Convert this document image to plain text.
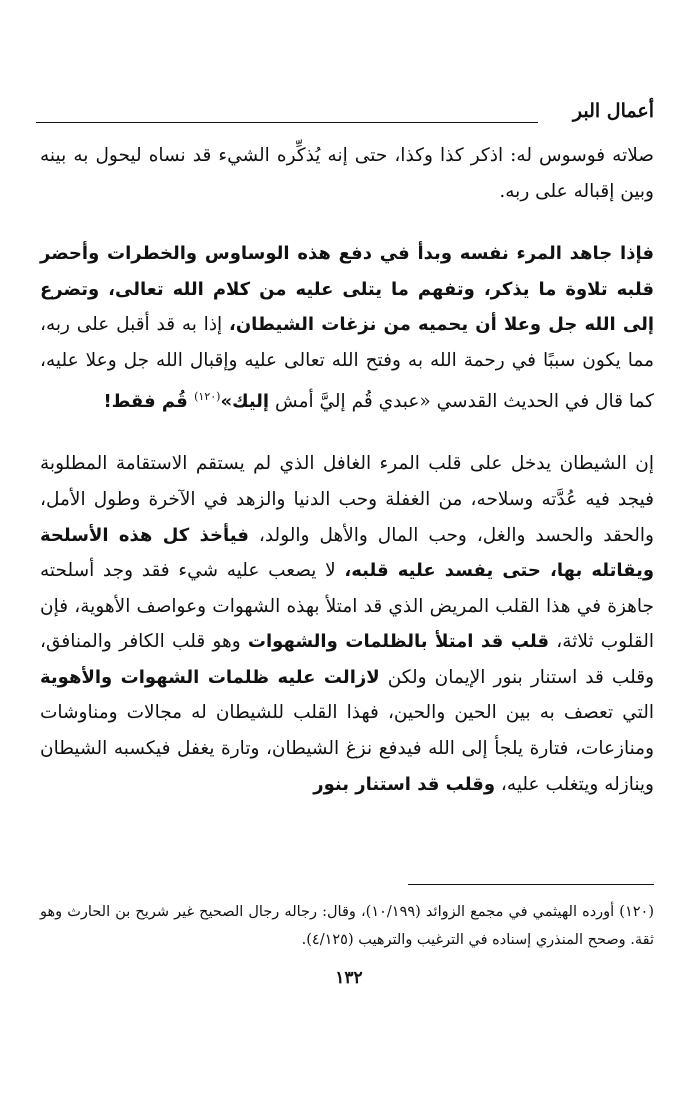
أعمال البر

صلاته فوسوس له: اذكر كذا وكذا، حتى إنه يُذكِّره الشيء قد نساه ليحول به بينه وبين إقباله على ربه.

فإذا جاهد المرء نفسه وبدأ في دفع هذه الوساوس والخطرات وأحضر قلبه تلاوة ما يذكر، وتفهم ما يتلى عليه من كلام الله تعالى، وتضرع إلى الله جل وعلا أن يحميه من نزغات الشيطان، إذا به قد أقبل على ربه، مما يكون سببًا في رحمة الله به وفتح الله تعالى عليه وإقبال الله جل وعلا عليه، كما قال في الحديث القدسي «عبدي قُم إليَّ أمش إليك»$^{(١٢٠)}$ قُم فقط!

إن الشيطان يدخل على قلب المرء الغافل الذي لم يستقم الاستقامة المطلوبة فيجد فيه عُدَّته وسلاحه، من الغفلة وحب الدنيا والزهد في الآخرة وطول الأمل، والحقد والحسد والغل، وحب المال والأهل والولد، فيأخذ كل هذه الأسلحة ويقاتله بها، حتى يفسد عليه قلبه، لا يصعب عليه شيء فقد وجد أسلحته جاهزة في هذا القلب المريض الذي قد امتلأ بهذه الشهوات وعواصف الأهوية، فإن القلوب ثلاثة، قلب قد امتلأ بالظلمات والشهوات وهو قلب الكافر والمنافق، وقلب قد استنار بنور الإيمان ولكن لازالت عليه ظلمات الشهوات والأهوية التي تعصف به بين الحين والحين، فهذا القلب للشيطان له مجالات ومناوشات ومنازعات، فتارة يلجأ إلى الله فيدفع نزغ الشيطان، وتارة يغفل فيكسبه الشيطان وينازله ويتغلب عليه، وقلب قد استنار بنور

(١٢٠) أورده الهيثمي في مجمع الزوائد (١٠/١٩٩)، وقال: رجاله رجال الصحيح غير شريح بن الحارث وهو ثقة. وصحح المنذري إسناده في الترغيب والترهيب (٤/١٢٥).

١٣٢
